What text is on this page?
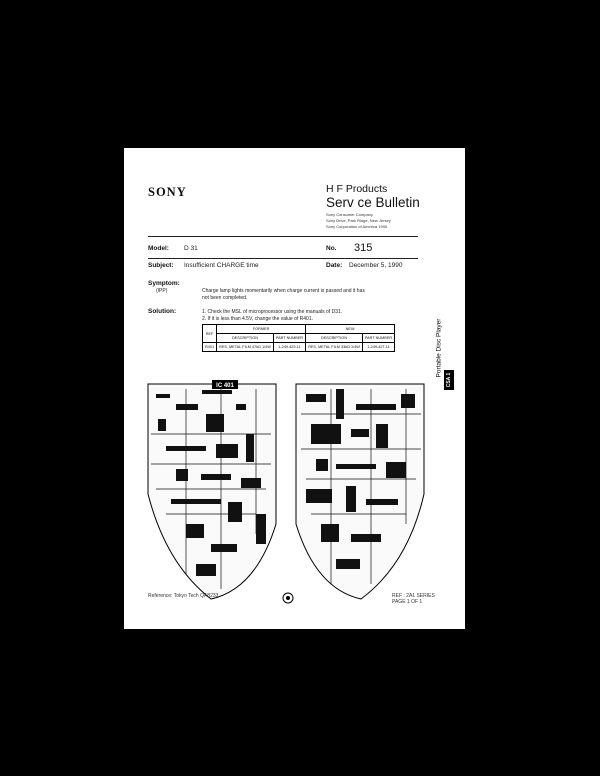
SONY	H F Products
Serv ce Bulletin
Sony Consumer Company
Sony Drive, Park Ridge, New Jersey
Sony Corporation of America 1990
Model: D 31	No. 315
Subject: Insufficient CHARGE time	Date: December 5, 1990
Symptom:
(IPP)	Charge lamp lights momentarily when charge current is passed and it has
not been completed.
Solution:	1. Check the MSL of microprocessor using the manuals of D31.
2. If it is less than 4.5V, change the value of R401.
REF	FORMER		NEW	
	DESCRIPTION	PART NUMBER	DESCRIPTION	PART NUMBER
R401	RES, METAL FILM 47kΩ 1/4W	1-249-429-11	RES, METAL FILM 33kΩ 1/4W	1-249-427-11
IC 401
Portable Disc Player
CSA 1
Reference: Tokyo Tech QA8233	REF : 2A1 SERIES
PAGE 1 OF 1
